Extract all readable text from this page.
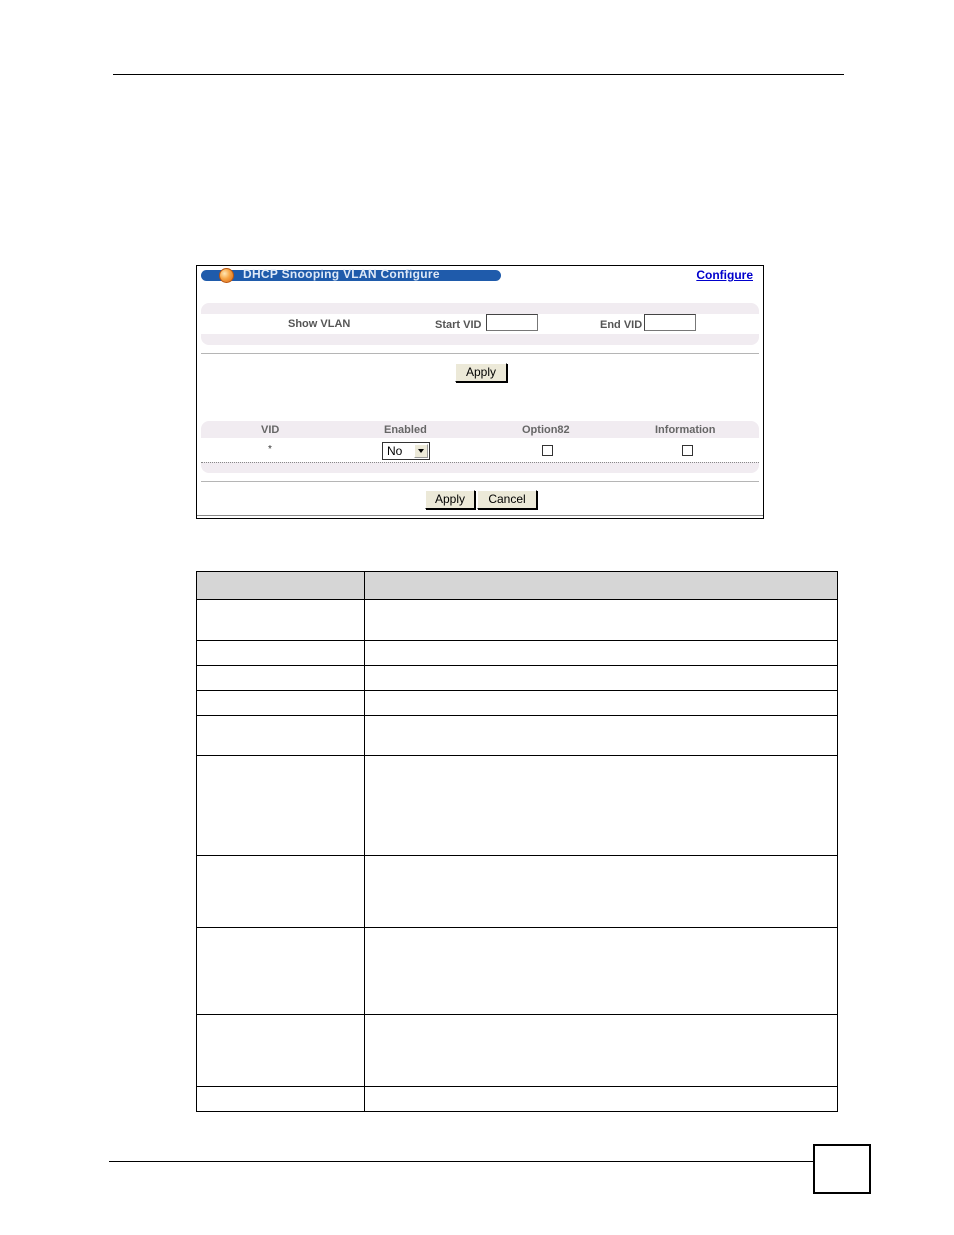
DHCP Snooping VLAN Configure	Configure
Show VLAN	Start VID	End VID
Apply
VID	Enabled	Option82	Information
*	No
Apply	Cancel
